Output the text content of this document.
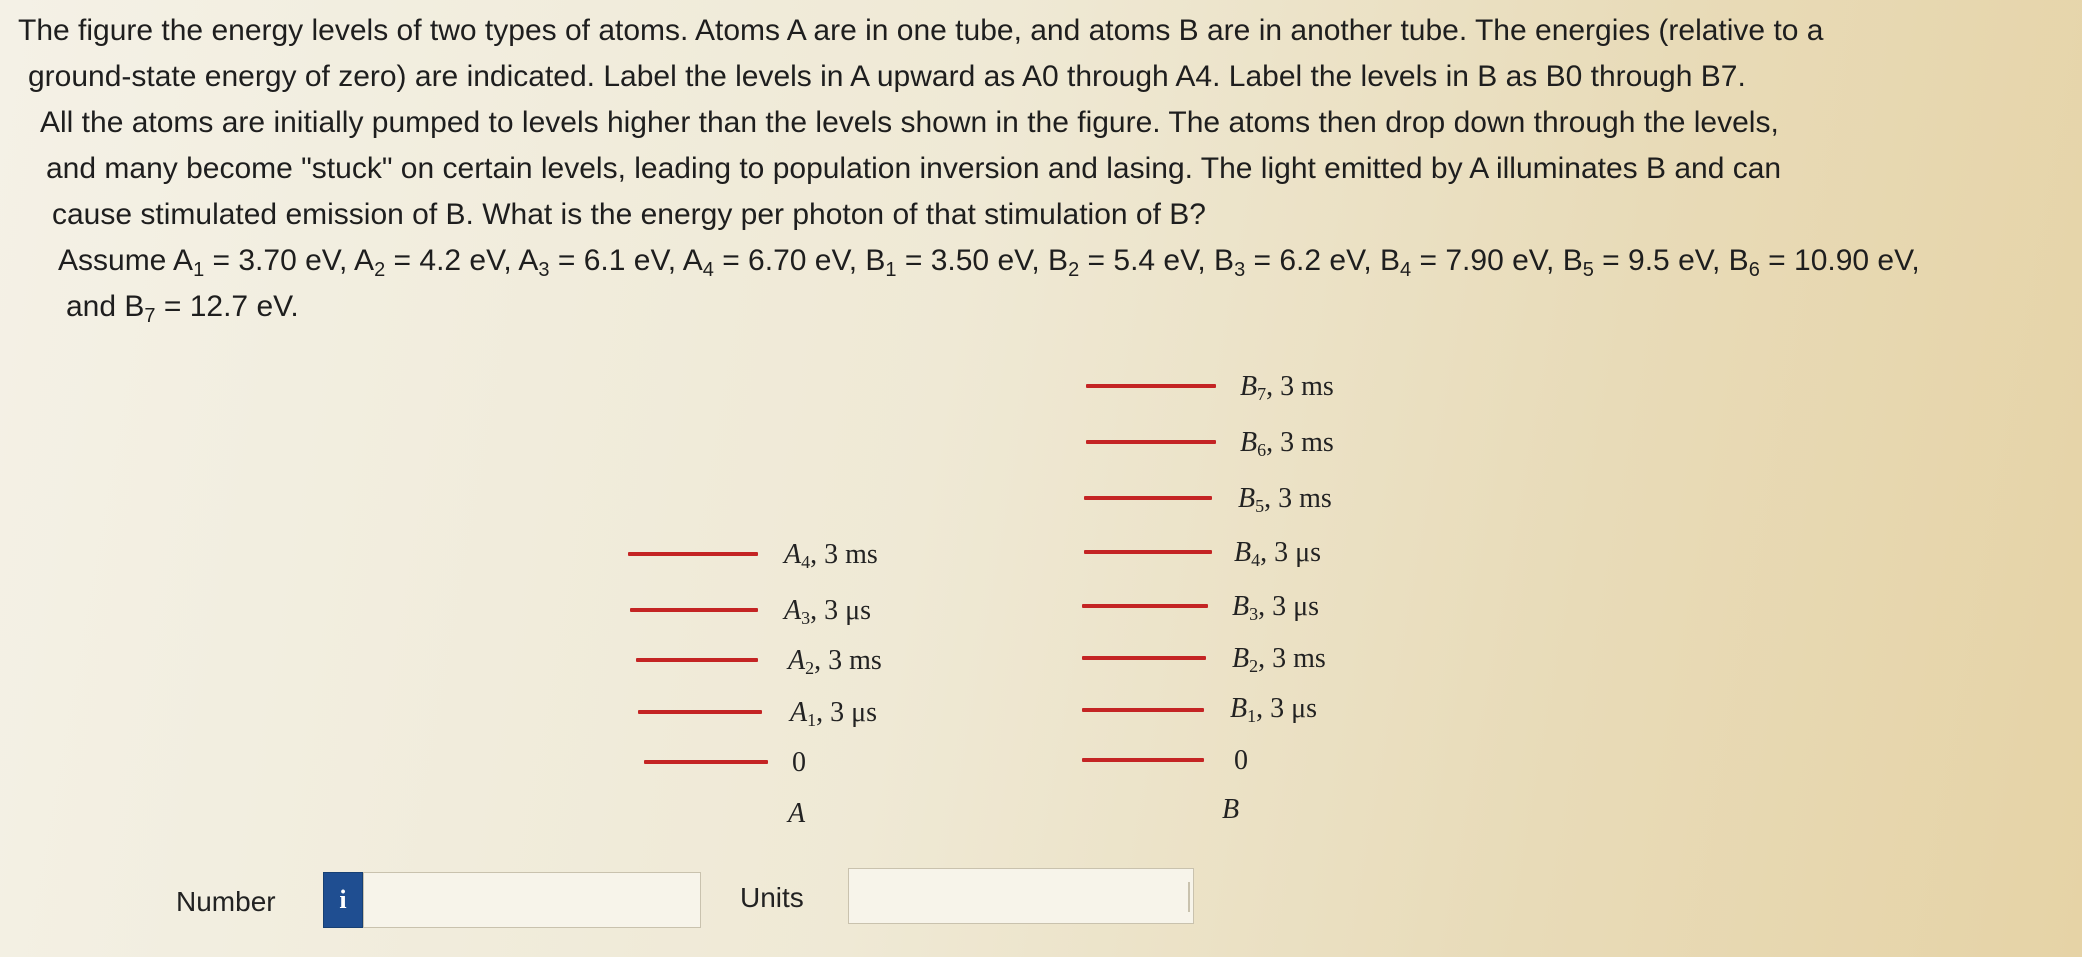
The figure the energy levels of two types of atoms. Atoms A are in one tube, and atoms B are in another tube. The energies (relative to a

ground-state energy of zero) are indicated. Label the levels in A upward as A0 through A4. Label the levels in B as B0 through B7.

All the atoms are initially pumped to levels higher than the levels shown in the figure. The atoms then drop down through the levels,

and many become "stuck" on certain levels, leading to population inversion and lasing. The light emitted by A illuminates B and can

cause stimulated emission of B. What is the energy per photon of that stimulation of B?

Assume $A_1 = 3.70$ eV, $A_2 = 4.2$ eV, $A_3 = 6.1$ eV, $A_4 = 6.70$ eV, $B_1 = 3.50$ eV, $B_2 = 5.4$ eV, $B_3 = 6.2$ eV, $B_4 = 7.90$ eV, $B_5 = 9.5$ eV, $B_6 = 10.90$ eV,

and $B_7 = 12.7$ eV.

$A_4$, 3 ms
$A_3$, 3 μs
$A_2$, 3 ms
$A_1$, 3 μs
0
A
$B_7$, 3 ms
$B_6$, 3 ms
$B_5$, 3 ms
$B_4$, 3 μs
$B_3$, 3 μs
$B_2$, 3 ms
$B_1$, 3 μs
0
B
Number	i	Units
